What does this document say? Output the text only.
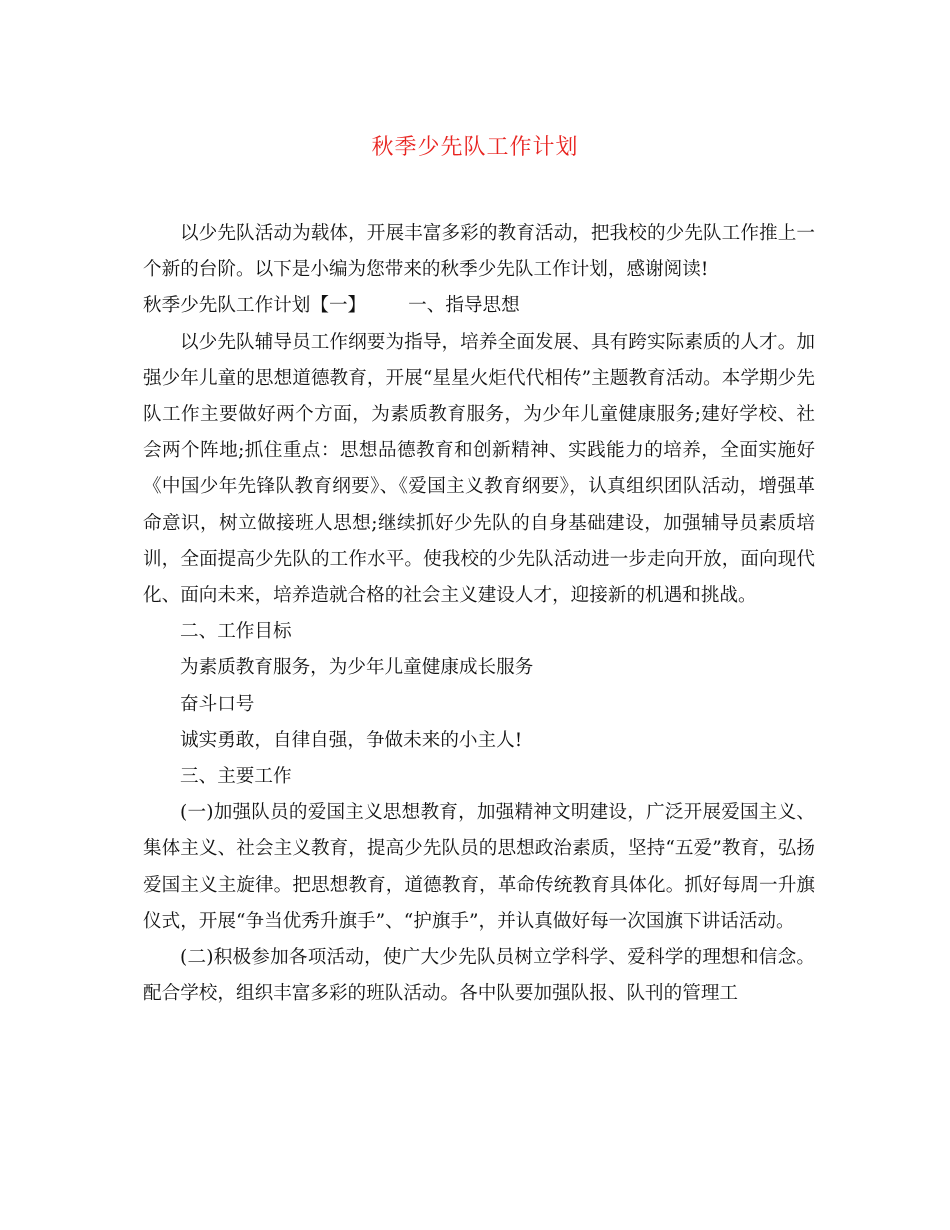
秋季少先队工作计划

以少先队活动为载体，开展丰富多彩的教育活动，把我校的少先队工作推上一个新的台阶。以下是小编为您带来的秋季少先队工作计划，感谢阅读!

秋季少先队工作计划【一】 一、指导思想

以少先队辅导员工作纲要为指导，培养全面发展、具有跨实际素质的人才。加强少年儿童的思想道德教育，开展“星星火炬代代相传”主题教育活动。本学期少先队工作主要做好两个方面，为素质教育服务，为少年儿童健康服务;建好学校、社会两个阵地;抓住重点：思想品德教育和创新精神、实践能力的培养，全面实施好《中国少年先锋队教育纲要》、《爱国主义教育纲要》，认真组织团队活动，增强革命意识，树立做接班人思想;继续抓好少先队的自身基础建设，加强辅导员素质培训，全面提高少先队的工作水平。使我校的少先队活动进一步走向开放，面向现代化、面向未来，培养造就合格的社会主义建设人才，迎接新的机遇和挑战。

二、工作目标

为素质教育服务，为少年儿童健康成长服务

奋斗口号

诚实勇敢，自律自强，争做未来的小主人!

三、主要工作

(一)加强队员的爱国主义思想教育，加强精神文明建设，广泛开展爱国主义、集体主义、社会主义教育，提高少先队员的思想政治素质，坚持“五爱”教育，弘扬爱国主义主旋律。把思想教育，道德教育，革命传统教育具体化。抓好每周一升旗仪式，开展“争当优秀升旗手”、“护旗手”，并认真做好每一次国旗下讲话活动。

(二)积极参加各项活动，使广大少先队员树立学科学、爱科学的理想和信念。配合学校，组织丰富多彩的班队活动。各中队要加强队报、队刊的管理工
